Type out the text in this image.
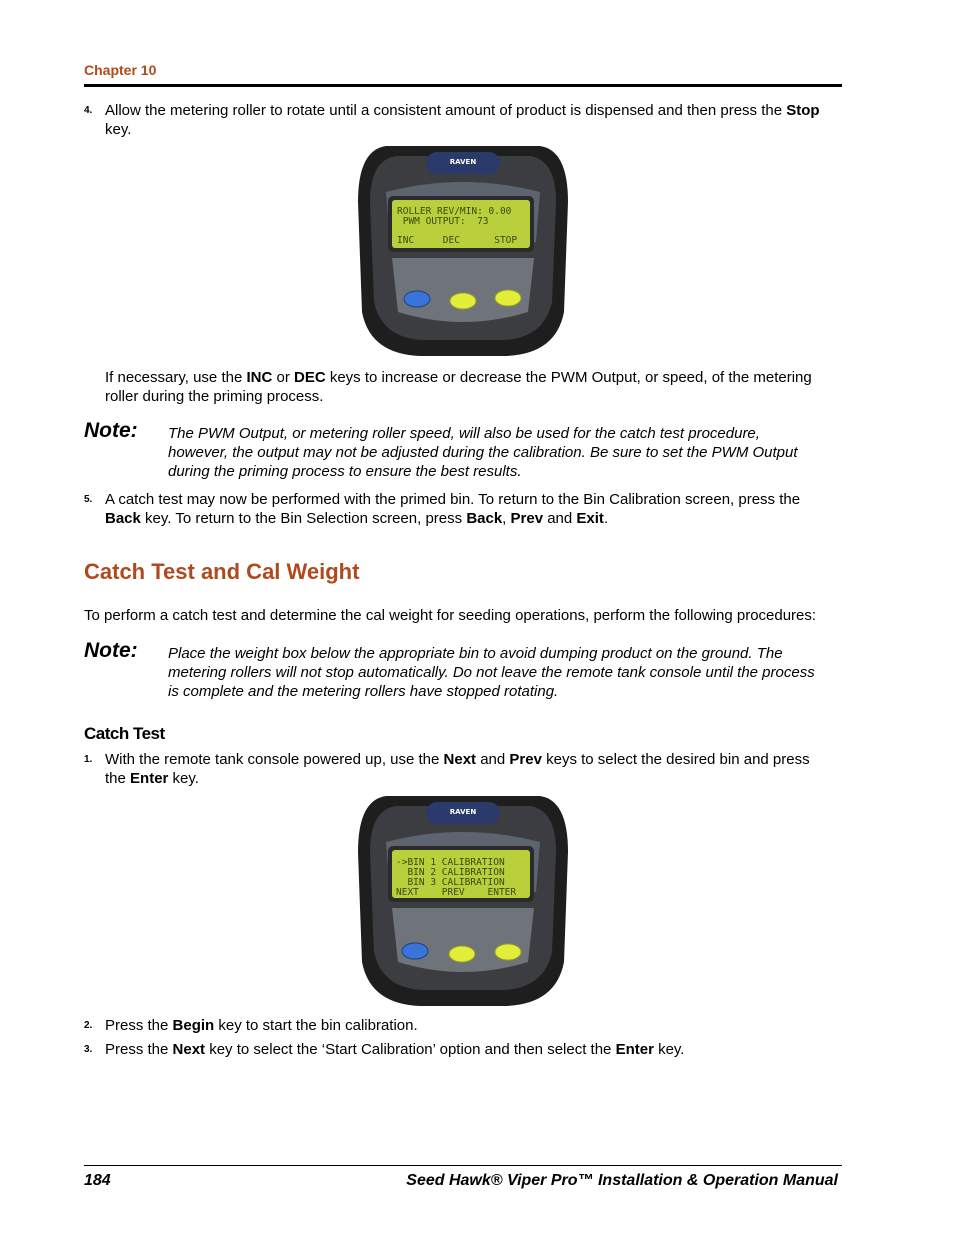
Chapter 10
4. Allow the metering roller to rotate until a consistent amount of product is dispensed and then press the Stop
key.
RAVEN
ROLLER REV/MIN: 0.00
PWM OUTPUT:  73
INC     DEC      STOP
If necessary, use the INC or DEC keys to increase or decrease the PWM Output, or speed, of the metering
roller during the priming process.
Note: The PWM Output, or metering roller speed, will also be used for the catch test procedure,
however, the output may not be adjusted during the calibration. Be sure to set the PWM Output
during the priming process to ensure the best results.
5. A catch test may now be performed with the primed bin. To return to the Bin Calibration screen, press the
Back key. To return to the Bin Selection screen, press Back, Prev and Exit.
Catch Test and Cal Weight
To perform a catch test and determine the cal weight for seeding operations, perform the following procedures:
Note: Place the weight box below the appropriate bin to avoid dumping product on the ground. The
metering rollers will not stop automatically. Do not leave the remote tank console until the process
is complete and the metering rollers have stopped rotating.
Catch Test
1. With the remote tank console powered up, use the Next and Prev keys to select the desired bin and press
the Enter key.
RAVEN
->BIN 1 CALIBRATION
BIN 2 CALIBRATION
BIN 3 CALIBRATION
NEXT    PREV    ENTER
2. Press the Begin key to start the bin calibration.
3. Press the Next key to select the ‘Start Calibration’ option and then select the Enter key.
184	Seed Hawk® Viper Pro™ Installation & Operation Manual
